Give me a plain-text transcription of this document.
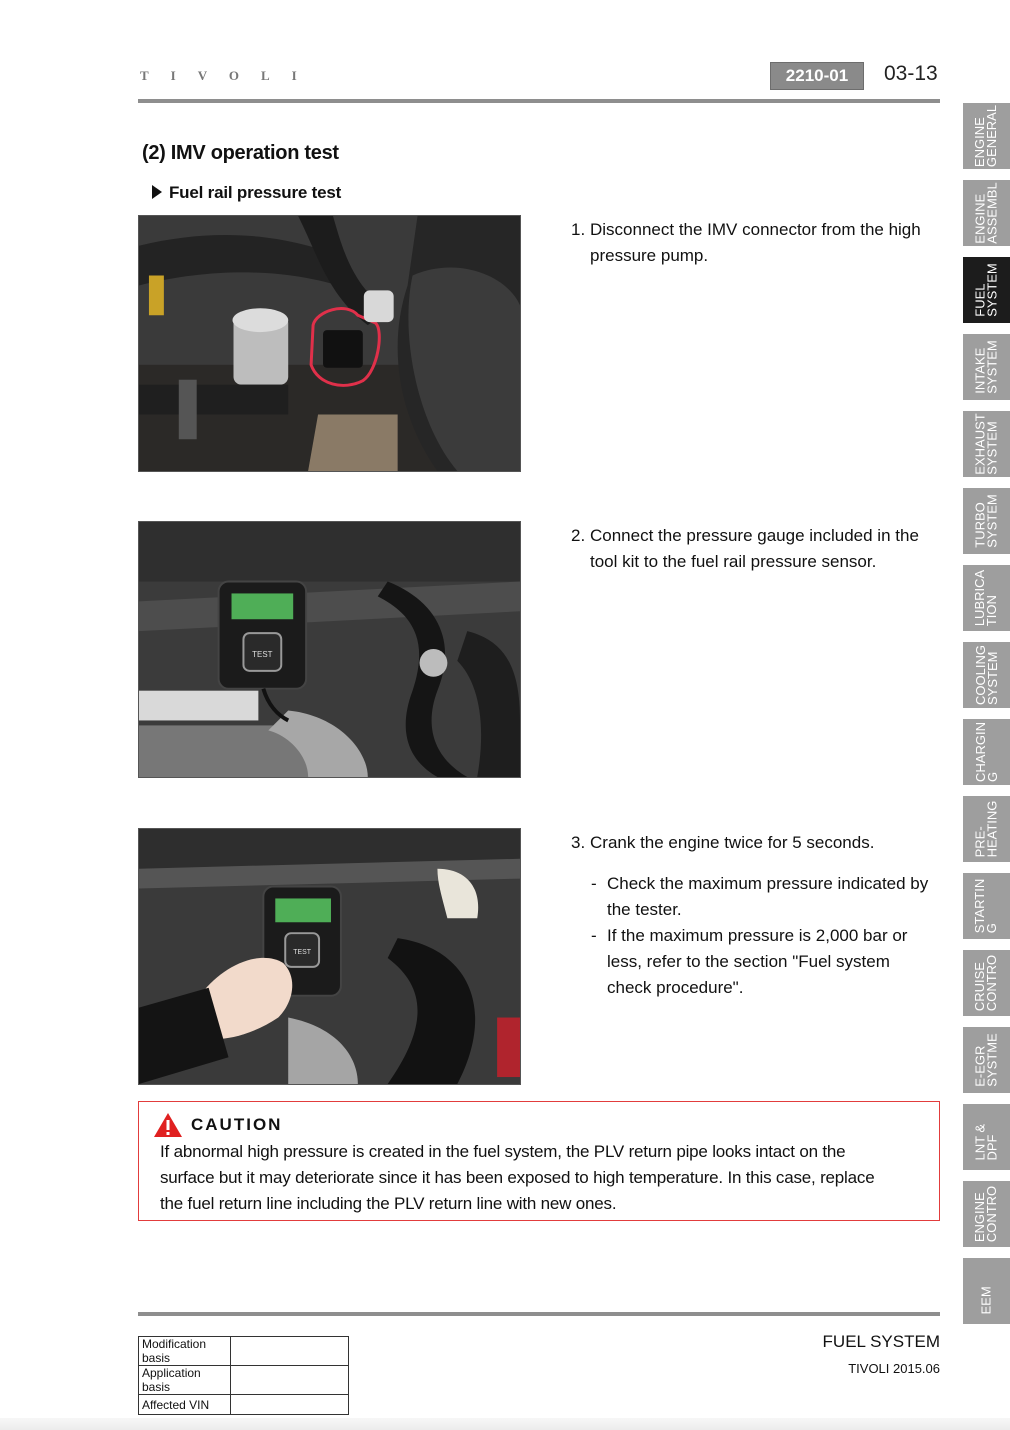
TIVOLI	2210-01	03-13
ENGINE
GENERAL
ENGINE
ASSEMBL
FUEL
SYSTEM
INTAKE
SYSTEM
EXHAUST
SYSTEM
TURBO
SYSTEM
LUBRICA
TION
COOLING
SYSTEM
CHARGIN
G
PRE-
HEATING
STARTIN
G
CRUISE
CONTRO
E-EGR
SYSTME
LNT &
DPF
ENGINE
CONTRO
EEM
(2) IMV operation test
Fuel rail pressure test
TEST
TEST
1. Disconnect the IMV connector from the high
pressure pump.
2. Connect the pressure gauge included in the
tool kit to the fuel rail pressure sensor.
3. Crank the engine twice for 5 seconds.
- Check the maximum pressure indicated by
the tester.
- If the maximum pressure is 2,000 bar or
less, refer to the section "Fuel system
check procedure".
CAUTION
If abnormal high pressure is created in the fuel system, the PLV return pipe looks intact on the
surface but it may deteriorate since it has been exposed to high temperature. In this case, replace
the fuel return line including the PLV return line with new ones.
Modification basis	
Application basis	
Affected VIN	
FUEL SYSTEM
TIVOLI 2015.06
